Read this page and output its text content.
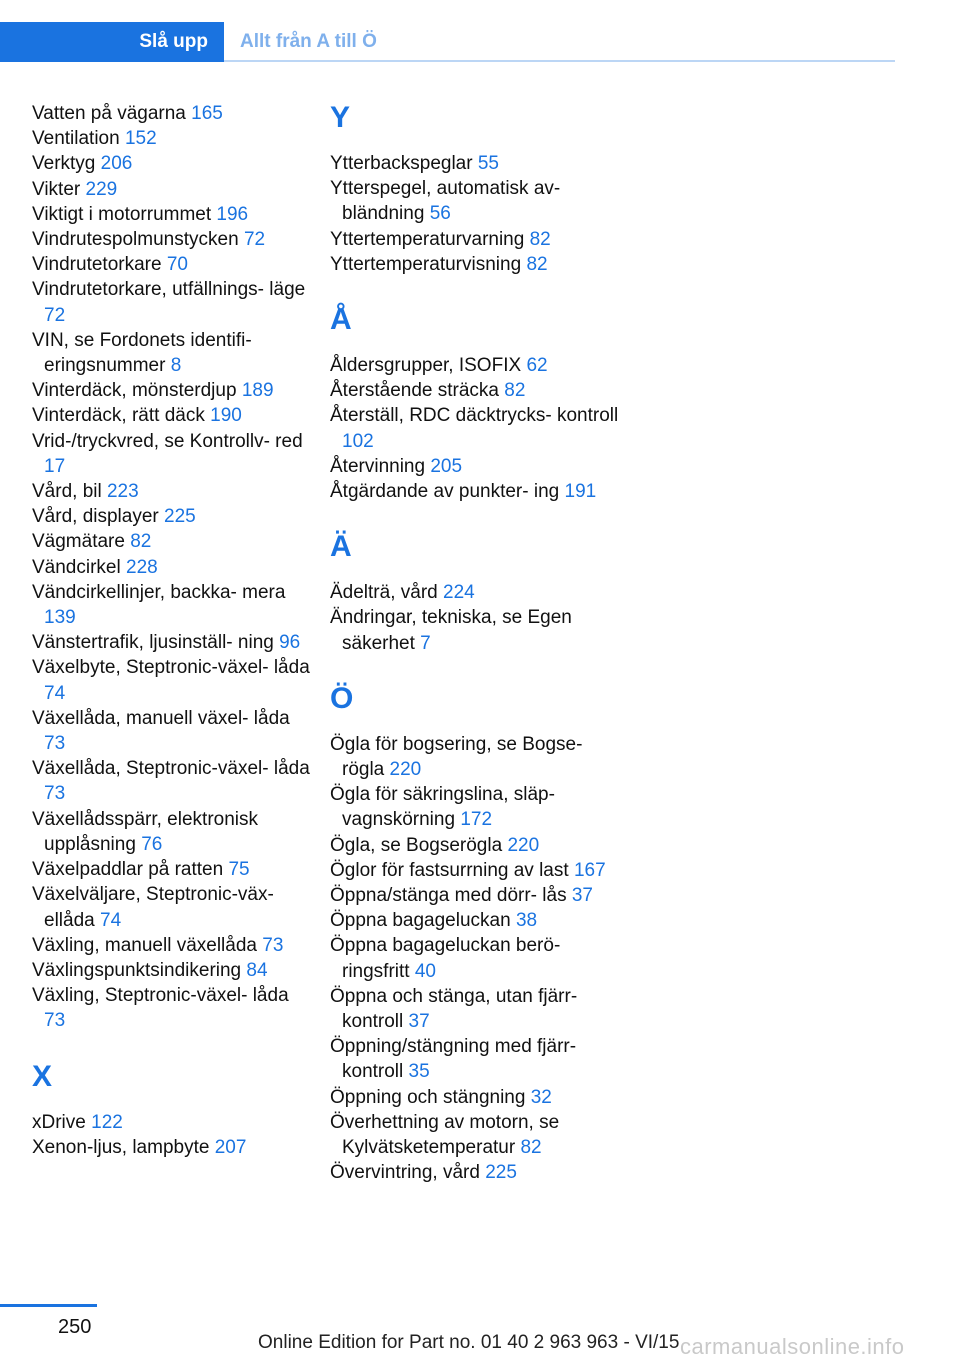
Slå upp	Allt från A till Ö
Vatten på vägarna 165
Ventilation 152
Verktyg 206
Vikter 229
Viktigt i motorrummet 196
Vindrutespolmunstycken 72
Vindrutetorkare 70
Vindrutetorkare, utfällnings‐ läge 72
VIN, se Fordonets identifi‐ eringsnummer 8
Vinterdäck, mönsterdjup 189
Vinterdäck, rätt däck 190
Vrid-/tryckvred, se Kontrollv‐ red 17
Vård, bil 223
Vård, displayer 225
Vägmätare 82
Vändcirkel 228
Vändcirkellinjer, backka‐ mera 139
Vänstertrafik, ljusinställ‐ ning 96
Växelbyte, Steptronic-växel‐ låda 74
Växellåda, manuell växel‐ låda 73
Växellåda, Steptronic-växel‐ låda 73
Växellådsspärr, elektronisk upplåsning 76
Växelpaddlar på ratten 75
Växelväljare, Steptronic-väx‐ ellåda 74
Växling, manuell växellåda 73
Växlingspunktsindikering 84
Växling, Steptronic-växel‐ låda 73
X
xDrive 122
Xenon-ljus, lampbyte 207
Y
Ytterbackspeglar 55
Ytterspegel, automatisk av‐ bländning 56
Yttertemperaturvarning 82
Yttertemperaturvisning 82
Å
Åldersgrupper, ISOFIX 62
Återstående sträcka 82
Återställ, RDC däcktrycks‐ kontroll 102
Återvinning 205
Åtgärdande av punkter‐ ing 191
Ä
Ädelträ, vård 224
Ändringar, tekniska, se Egen säkerhet 7
Ö
Ögla för bogsering, se Bogse‐ rögla 220
Ögla för säkringslina, släp‐ vagnskörning 172
Ögla, se Bogserögla 220
Öglor för fastsurrning av last 167
Öppna/stänga med dörr‐ lås 37
Öppna bagageluckan 38
Öppna bagageluckan berö‐ ringsfritt 40
Öppna och stänga, utan fjärr‐ kontroll 37
Öppning/stängning med fjärr‐ kontroll 35
Öppning och stängning 32
Överhettning av motorn, se Kylvätsketemperatur 82
Övervintring, vård 225
250
Online Edition for Part no. 01 40 2 963 963 - VI/15 carmanualsonline.info
